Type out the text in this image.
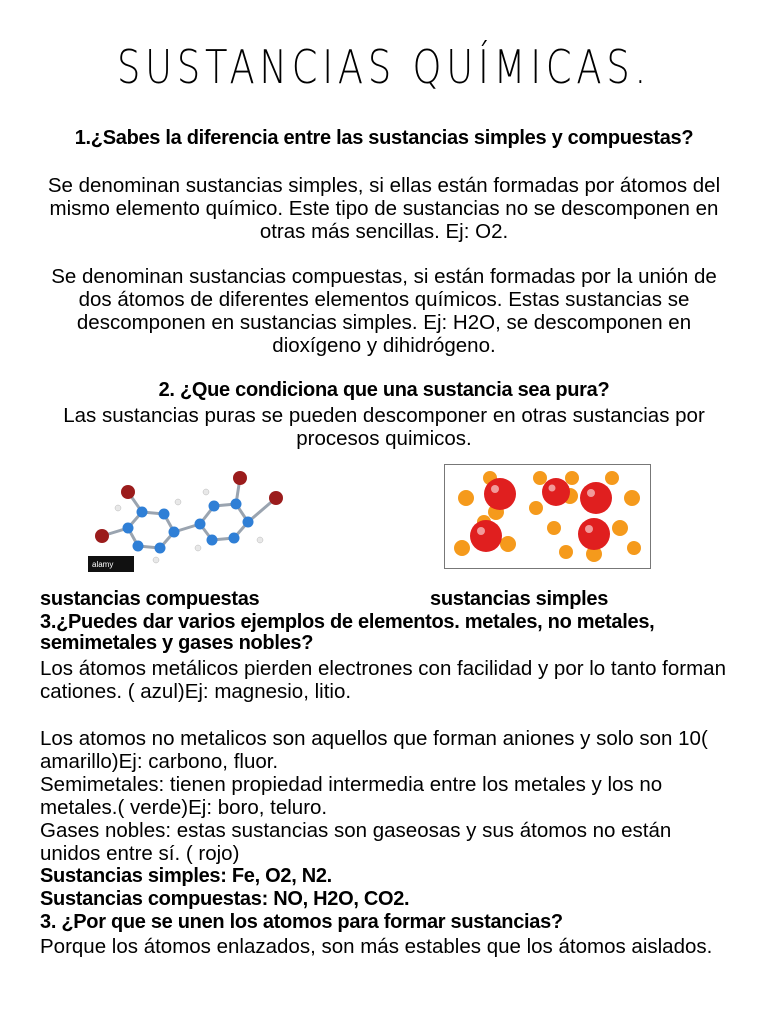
SUSTANCIAS QUÍMICAS.
1.¿Sabes la diferencia entre las sustancias simples y compuestas?
Se denominan sustancias simples, si ellas están formadas por átomos del mismo elemento químico. Este tipo de sustancias no se descomponen en otras más sencillas. Ej: O2.
Se denominan sustancias compuestas, si están formadas por la unión de dos átomos de diferentes elementos químicos. Estas sustancias se descomponen en sustancias simples. Ej: H2O, se descomponen en dioxígeno y dihidrógeno.
2. ¿Que condiciona que una sustancia sea pura?
Las sustancias puras se pueden descomponer en otras sustancias por procesos quimicos.
alamy
sustancias compuestas	sustancias simples
3.¿Puedes dar varios ejemplos de elementos. metales, no metales, semimetales y gases nobles?
Los átomos metálicos pierden electrones con facilidad y por lo tanto forman cationes. ( azul)Ej: magnesio, litio.
Los atomos no metalicos son aquellos que forman aniones y solo son 10( amarillo)Ej: carbono, fluor.
Semimetales: tienen propiedad intermedia entre los metales y los no metales.( verde)Ej: boro, teluro.
Gases nobles: estas sustancias son gaseosas y sus átomos no están unidos entre sí. ( rojo)
Sustancias simples: Fe, O2, N2.
Sustancias compuestas: NO, H2O, CO2.
3. ¿Por que se unen los atomos para formar sustancias?
Porque los átomos enlazados, son más estables que los átomos aislados.
